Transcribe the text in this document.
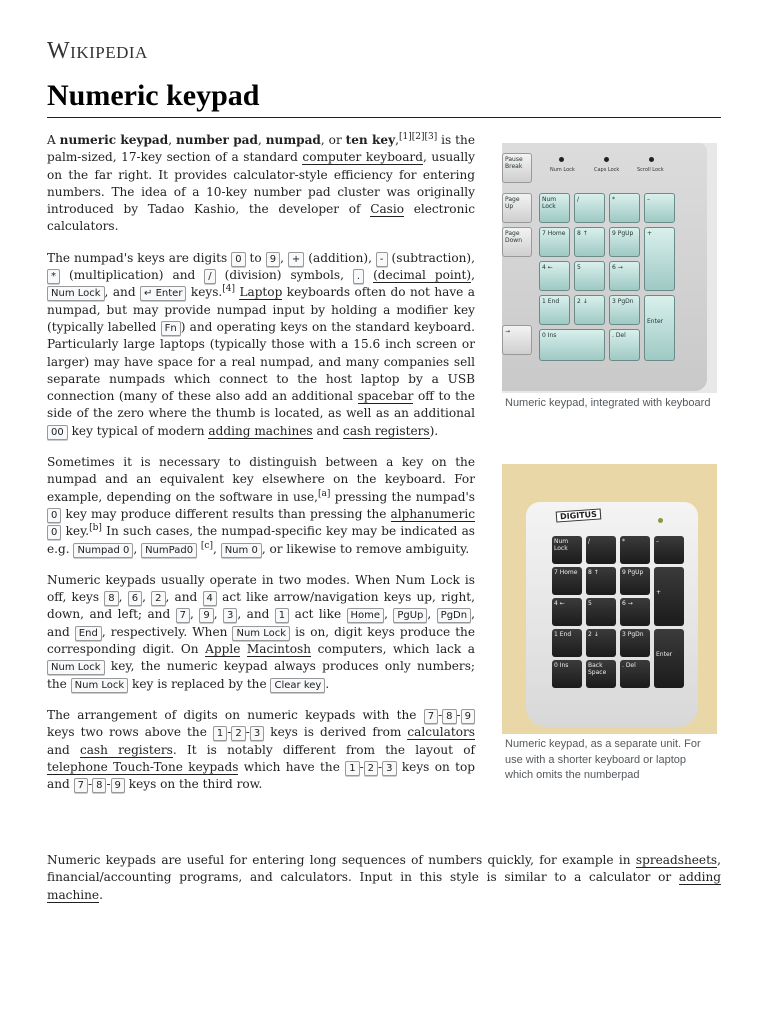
Wikipedia
Numeric keypad

A numeric keypad, number pad, numpad, or ten key,[1][2][3] is the palm-sized, 17-key section of a standard computer keyboard, usually on the far right. It provides calculator-style efficiency for entering numbers. The idea of a 10-key number pad cluster was originally introduced by Tadao Kashio, the developer of Casio electronic calculators.

The numpad's keys are digits 0 to 9 , + (addition), - (subtraction), * (multiplication) and / (division) symbols, . (decimal point), Num Lock , and ↵ Enter keys.[4] Laptop keyboards often do not have a numpad, but may provide numpad input by holding a modifier key (typically labelled Fn ) and operating keys on the standard keyboard. Particularly large laptops (typically those with a 15.6 inch screen or larger) may have space for a real numpad, and many companies sell separate numpads which connect to the host laptop by a USB connection (many of these also add an additional spacebar off to the side of the zero where the thumb is located, as well as an additional 00 key typical of modern adding machines and cash registers).

Sometimes it is necessary to distinguish between a key on the numpad and an equivalent key elsewhere on the keyboard. For example, depending on the software in use,[a] pressing the numpad's 0 key may produce different results than pressing the alphanumeric 0 key.[b] In such cases, the numpad-specific key may be indicated as e.g. Numpad 0 , NumPad0 [c], Num 0 , or likewise to remove ambiguity.

Numeric keypads usually operate in two modes. When Num Lock is off, keys 8 , 6 , 2 , and 4 act like arrow/navigation keys up, right, down, and left; and 7 , 9 , 3 , and 1 act like Home , PgUp , PgDn , and End , respectively. When Num Lock is on, digit keys produce the corresponding digit. On Apple Macintosh computers, which lack a Num Lock key, the numeric keypad always produces only numbers; the Num Lock key is replaced by the Clear key .

The arrangement of digits on numeric keypads with the 7 - 8 - 9 keys two rows above the 1 - 2 - 3 keys is derived from calculators and cash registers. It is notably different from the layout of telephone Touch-Tone keypads which have the 1 - 2 - 3 keys on top and 7 - 8 - 9 keys on the third row.

Numeric keypads are useful for entering long sequences of numbers quickly, for example in spreadsheets, financial/accounting programs, and calculators. Input in this style is similar to a calculator or adding machine.
Num Lock	Caps Lock	Scroll Lock
Pause Break
Page Up
Page Down
→
Num Lock
/	*	–
7 Home	8 ↑	9 PgUp	+
4 ←	5	6 →
1 End	2 ↓	3 PgDn
Enter
0 Ins	. Del
Numeric keypad, integrated with keyboard
DIGITUS
Num Lock
/	*	–
7 Home	8 ↑	9 PgUp
+
4 ←	5	6 →
1 End	2 ↓	3 PgDn
Enter
0 Ins	Back Space
. Del
Numeric keypad, as a separate unit. For use with a shorter keyboard or laptop which omits the numberpad
